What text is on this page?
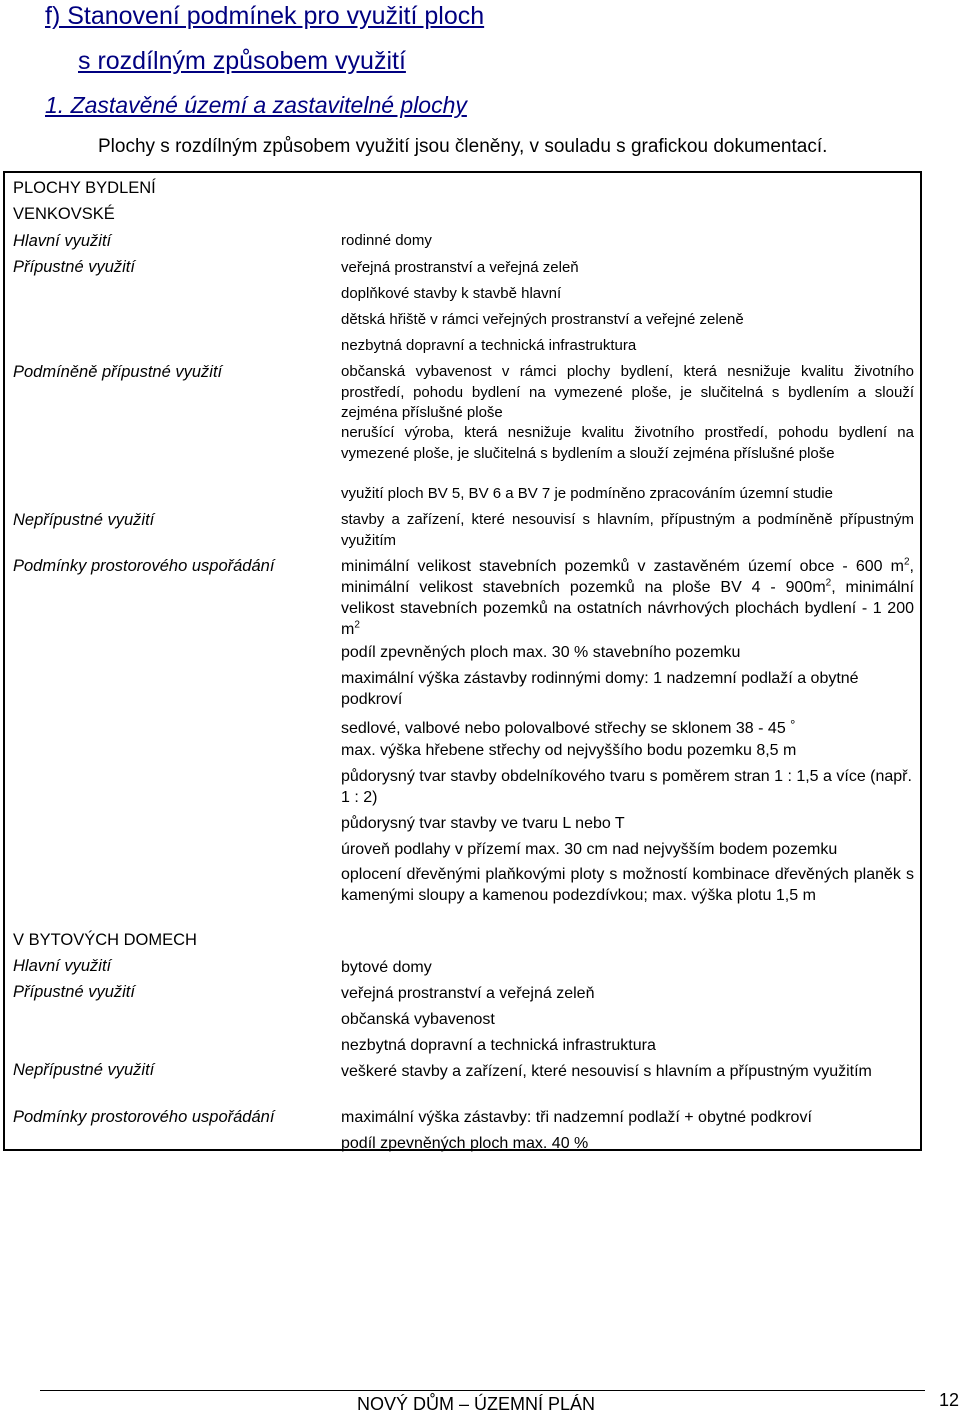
f) Stanovení podmínek pro využití ploch
s rozdílným způsobem využití
1. Zastavěné území a zastavitelné plochy
Plochy s rozdílným způsobem využití jsou členěny, v souladu s grafickou dokumentací.
PLOCHY BYDLENÍ
VENKOVSKÉ
Hlavní využití	rodinné domy
Přípustné využití	veřejná prostranství a veřejná zeleň
doplňkové stavby k stavbě hlavní
dětská hřiště v rámci veřejných prostranství a veřejné zeleně
nezbytná dopravní a technická infrastruktura
Podmíněně přípustné využití	občanská vybavenost v rámci plochy bydlení, která nesnižuje kvalitu životního prostředí, pohodu bydlení na vymezené ploše, je slučitelná s bydlením a slouží zejména příslušné ploše
nerušící výroba, která nesnižuje kvalitu životního prostředí, pohodu bydlení na vymezené ploše, je slučitelná s bydlením a slouží zejména příslušné ploše
využití ploch BV 5, BV 6 a BV 7 je podmíněno zpracováním územní studie
Nepřípustné využití	stavby a zařízení, které nesouvisí s hlavním, přípustným a podmíněně přípustným využitím
Podmínky prostorového uspořádání	minimální velikost stavebních pozemků v zastavěném území obce - 600 $m^2$, minimální velikost stavebních pozemků na ploše BV $4 - 900m^2$, minimální velikost stavebních pozemků na ostatních návrhových plochách bydlení - 1 200 $m^2$
podíl zpevněných ploch max. 30 % stavebního pozemku
maximální výška zástavby rodinnými domy: 1 nadzemní podlaží a obytné podkroví
sedlové, valbové nebo polovalbové střechy se sklonem 38 - 45 °
max. výška hřebene střechy od nejvyššího bodu pozemku 8,5 m
půdorysný tvar stavby obdelníkového tvaru s poměrem stran 1 : 1,5 a více (např. 1 : 2)
půdorysný tvar stavby ve tvaru L nebo T
úroveň podlahy v přízemí max. 30 cm nad nejvyšším bodem pozemku
oplocení dřevěnými plaňkovými ploty s možností kombinace dřevěných planěk s kamenými sloupy a kamenou podezdívkou; max. výška plotu 1,5 m
V BYTOVÝCH DOMECH
Hlavní využití	bytové domy
Přípustné využití	veřejná prostranství a veřejná zeleň
občanská vybavenost
nezbytná dopravní a technická infrastruktura
Nepřípustné využití	veškeré stavby a zařízení, které nesouvisí s hlavním a přípustným využitím
Podmínky prostorového uspořádání	maximální výška zástavby: tři nadzemní podlaží + obytné podkroví
podíl zpevněných ploch max. 40 %
NOVÝ DŮM – ÚZEMNÍ PLÁN	12
